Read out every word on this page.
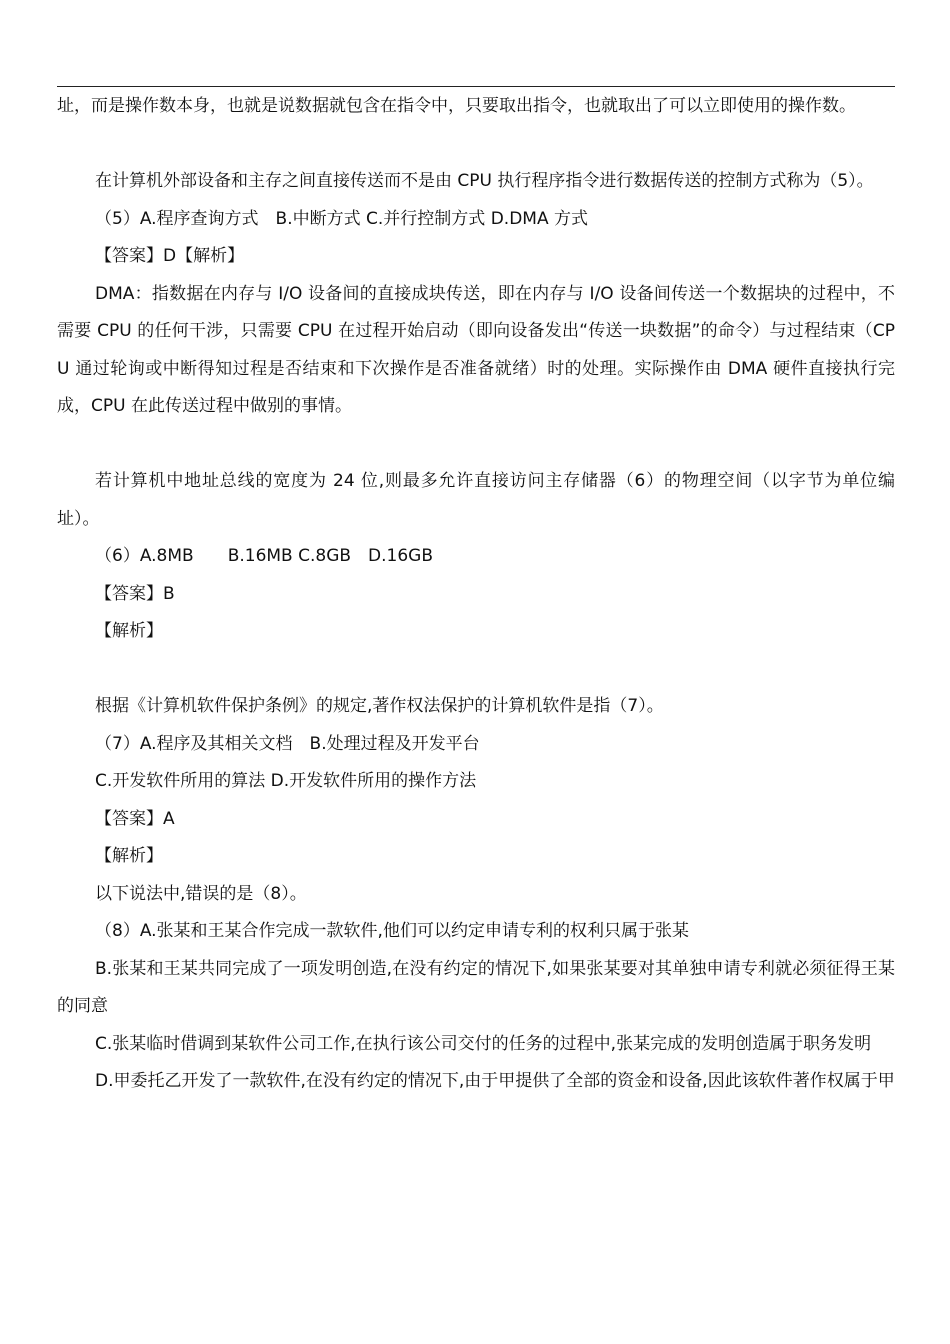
址，而是操作数本身，也就是说数据就包含在指令中，只要取出指令，也就取出了可以立即使用的操作数。

在计算机外部设备和主存之间直接传送而不是由 CPU 执行程序指令进行数据传送的控制方式称为（5）。

（5）A.程序查询方式　B.中断方式 C.并行控制方式 D.DMA 方式

【答案】D【解析】

DMA：指数据在内存与 I/O 设备间的直接成块传送，即在内存与 I/O 设备间传送一个数据块的过程中，不需要 CPU 的任何干涉，只需要 CPU 在过程开始启动（即向设备发出“传送一块数据”的命令）与过程结束（CPU 通过轮询或中断得知过程是否结束和下次操作是否准备就绪）时的处理。实际操作由 DMA 硬件直接执行完成，CPU 在此传送过程中做别的事情。

若计算机中地址总线的宽度为 24 位,则最多允许直接访问主存储器（6）的物理空间（以字节为单位编址）。

（6）A.8MB　　B.16MB C.8GB　D.16GB

【答案】B

【解析】

根据《计算机软件保护条例》的规定,著作权法保护的计算机软件是指（7）。

（7）A.程序及其相关文档　B.处理过程及开发平台

C.开发软件所用的算法 D.开发软件所用的操作方法

【答案】A

【解析】

以下说法中,错误的是（8）。

（8）A.张某和王某合作完成一款软件,他们可以约定申请专利的权利只属于张某

B.张某和王某共同完成了一项发明创造,在没有约定的情况下,如果张某要对其单独申请专利就必须征得王某的同意

C.张某临时借调到某软件公司工作,在执行该公司交付的任务的过程中,张某完成的发明创造属于职务发明

D.甲委托乙开发了一款软件,在没有约定的情况下,由于甲提供了全部的资金和设备,因此该软件著作权属于甲
